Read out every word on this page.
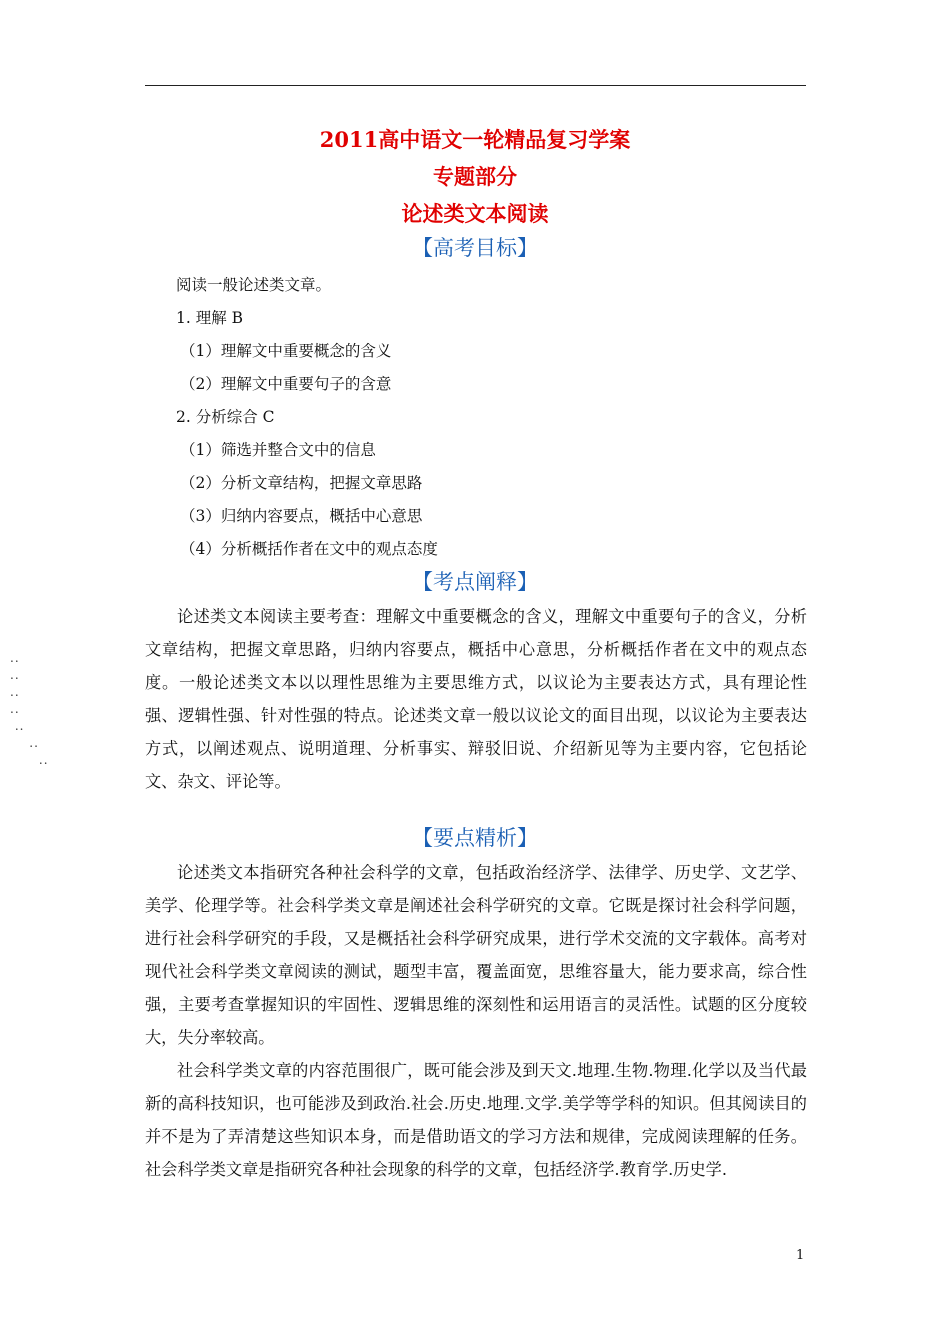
2011高中语文一轮精品复习学案
专题部分
论述类文本阅读
【高考目标】
阅读一般论述类文章。
1. 理解 B
（1）理解文中重要概念的含义
（2）理解文中重要句子的含意
2. 分析综合 C
（1）筛选并整合文中的信息
（2）分析文章结构，把握文章思路
（3）归纳内容要点，概括中心意思
（4）分析概括作者在文中的观点态度
【考点阐释】

论述类文本阅读主要考查：理解文中重要概念的含义，理解文中重要句子的含义，分析文章结构，把握文章思路，归纳内容要点，概括中心意思，分析概括作者在文中的观点态度。一般论述类文本以以理性思维为主要思维方式，以议论为主要表达方式，具有理论性强、逻辑性强、针对性强的特点。论述类文章一般以议论文的面目出现，以议论为主要表达方式，以阐述观点、说明道理、分析事实、辩驳旧说、介绍新见等为主要内容，它包括论文、杂文、评论等。

..
..
..
..
..
..
..
【要点精析】

论述类文本指研究各种社会科学的文章，包括政治经济学、法律学、历史学、文艺学、美学、伦理学等。社会科学类文章是阐述社会科学研究的文章。它既是探讨社会科学问题，进行社会科学研究的手段，又是概括社会科学研究成果，进行学术交流的文字载体。高考对现代社会科学类文章阅读的测试，题型丰富，覆盖面宽，思维容量大，能力要求高，综合性强，主要考查掌握知识的牢固性、逻辑思维的深刻性和运用语言的灵活性。试题的区分度较大，失分率较高。

社会科学类文章的内容范围很广，既可能会涉及到天文.地理.生物.物理.化学以及当代最新的高科技知识，也可能涉及到政治.社会.历史.地理.文学.美学等学科的知识。但其阅读目的并不是为了弄清楚这些知识本身，而是借助语文的学习方法和规律，完成阅读理解的任务。社会科学类文章是指研究各种社会现象的科学的文章，包括经济学.教育学.历史学.

1
